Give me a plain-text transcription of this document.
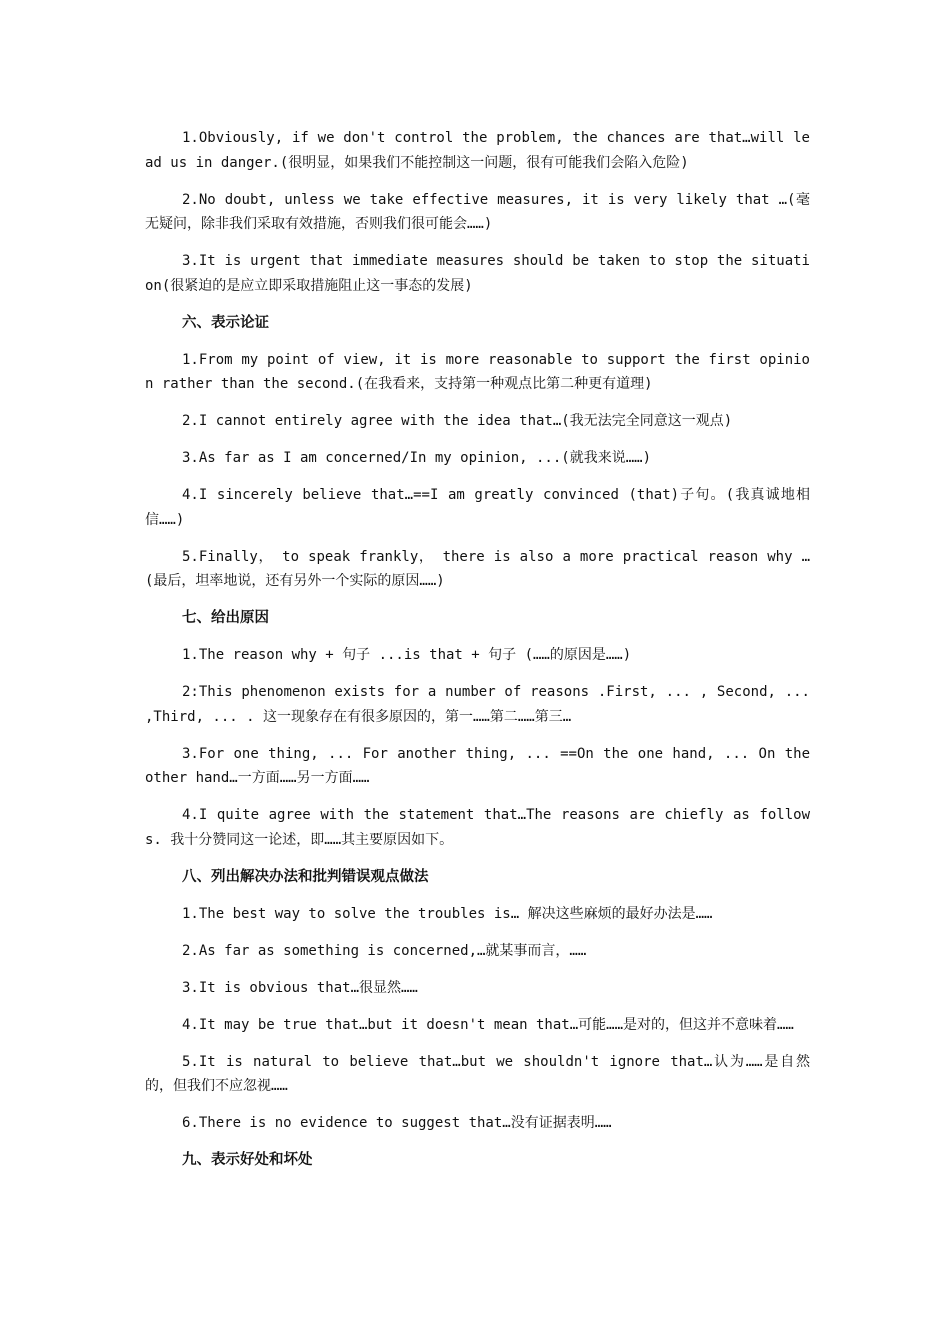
1.Obviously, if we don't control the problem, the chances are that…will lead us in danger.(很明显，如果我们不能控制这一问题，很有可能我们会陷入危险)

2.No doubt, unless we take effective measures, it is very likely that …(毫无疑问，除非我们采取有效措施，否则我们很可能会……)

3.It is urgent that immediate measures should be taken to stop the situation(很紧迫的是应立即采取措施阻止这一事态的发展)

六、表示论证

1.From my point of view, it is more reasonable to support the first opinion rather than the second.(在我看来，支持第一种观点比第二种更有道理)

2.I cannot entirely agree with the idea that…(我无法完全同意这一观点)

3.As far as I am concerned/In my opinion, ...(就我来说……)

4.I sincerely believe that…==I am greatly convinced (that)子句。(我真诚地相信……)

5.Finally， to speak frankly， there is also a more practical reason why …(最后，坦率地说，还有另外一个实际的原因……)

七、给出原因

1.The reason why + 句子 ...is that + 句子 (……的原因是……)

2:This phenomenon exists for a number of reasons .First, ... , Second, ... ,Third, ... . 这一现象存在有很多原因的，第一……第二……第三…

3.For one thing, ... For another thing, ... ==On the one hand, ... On the other hand…一方面……另一方面……

4.I quite agree with the statement that…The reasons are chiefly as follows. 我十分赞同这一论述，即……其主要原因如下。

八、列出解决办法和批判错误观点做法

1.The best way to solve the troubles is… 解决这些麻烦的最好办法是……

2.As far as something is concerned,…就某事而言，……

3.It is obvious that…很显然……

4.It may be true that…but it doesn't mean that…可能……是对的，但这并不意味着……

5.It is natural to believe that…but we shouldn't ignore that…认为……是自然的，但我们不应忽视……

6.There is no evidence to suggest that…没有证据表明……

九、表示好处和坏处
